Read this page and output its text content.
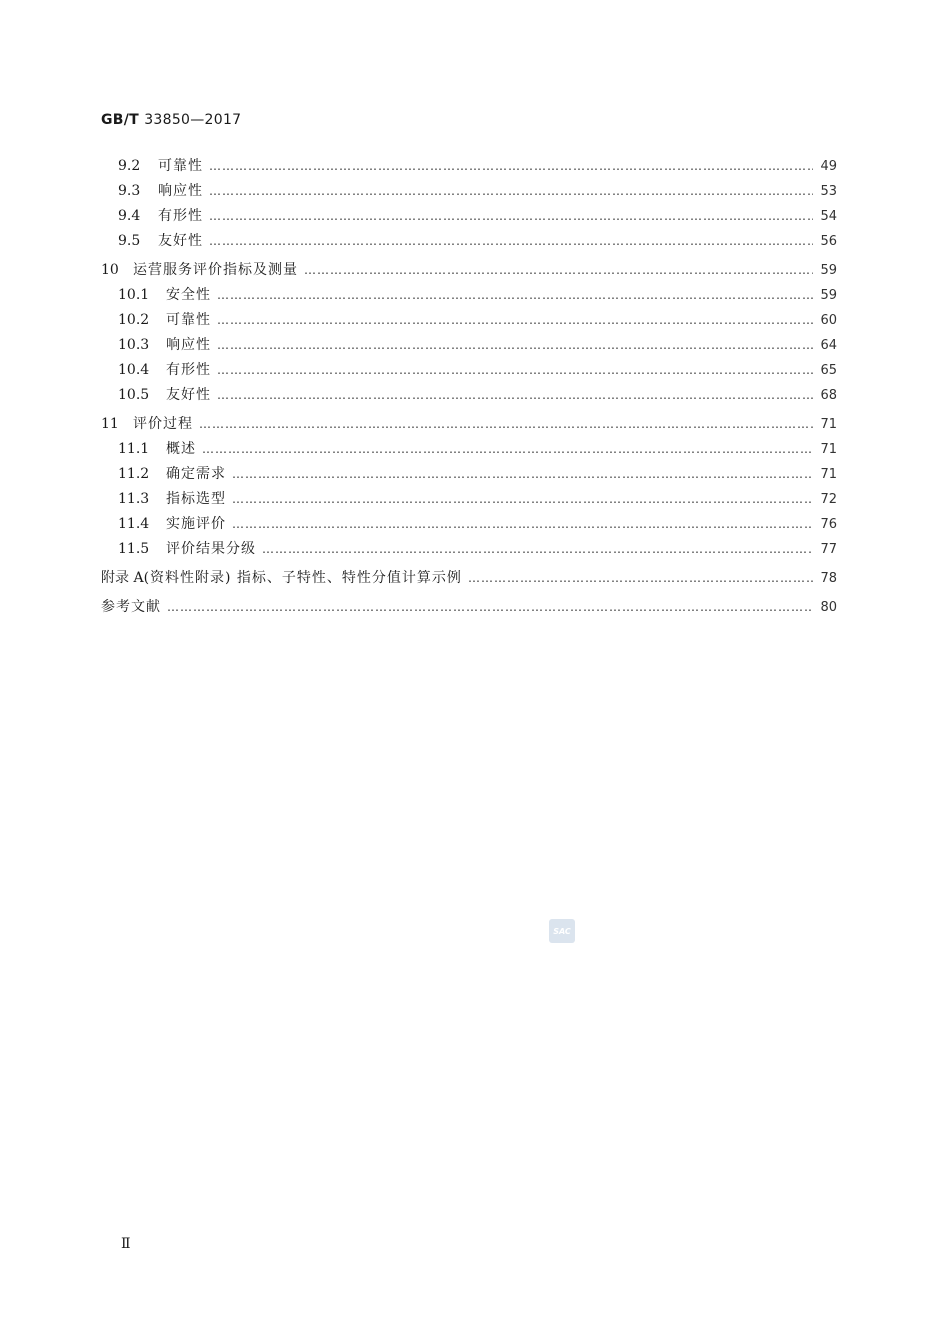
GB/T 33850—2017
9.2	可靠性 ……………………………………………………………………………………………………………………………………………………………………………………………………………………………………………………………	49
9.3	响应性 ……………………………………………………………………………………………………………………………………………………………………………………………………………………………………………………………	53
9.4	有形性 ……………………………………………………………………………………………………………………………………………………………………………………………………………………………………………………………	54
9.5	友好性 ……………………………………………………………………………………………………………………………………………………………………………………………………………………………………………………………	56
10	运营服务评价指标及测量 ……………………………………………………………………………………………………………………………………………………………………………………………………………………………………………………………	59
10.1	安全性 ……………………………………………………………………………………………………………………………………………………………………………………………………………………………………………………………	59
10.2	可靠性 ……………………………………………………………………………………………………………………………………………………………………………………………………………………………………………………………	60
10.3	响应性 ……………………………………………………………………………………………………………………………………………………………………………………………………………………………………………………………	64
10.4	有形性 ……………………………………………………………………………………………………………………………………………………………………………………………………………………………………………………………	65
10.5	友好性 ……………………………………………………………………………………………………………………………………………………………………………………………………………………………………………………………	68
11	评价过程 ……………………………………………………………………………………………………………………………………………………………………………………………………………………………………………………………	71
11.1	概述 ……………………………………………………………………………………………………………………………………………………………………………………………………………………………………………………………	71
11.2	确定需求 ……………………………………………………………………………………………………………………………………………………………………………………………………………………………………………………………	71
11.3	指标选型 ……………………………………………………………………………………………………………………………………………………………………………………………………………………………………………………………	72
11.4	实施评价 ……………………………………………………………………………………………………………………………………………………………………………………………………………………………………………………………	76
11.5	评价结果分级 ……………………………………………………………………………………………………………………………………………………………………………………………………………………………………………………………	77
附录 A (资料性附录) 指标、子特性、特性分值计算示例 ……………………………………………………………………………………………………………………………………………………………………………………………………………………………………………………………	78
参考文献 ……………………………………………………………………………………………………………………………………………………………………………………………………………………………………………………………	80
SAC
Ⅱ
